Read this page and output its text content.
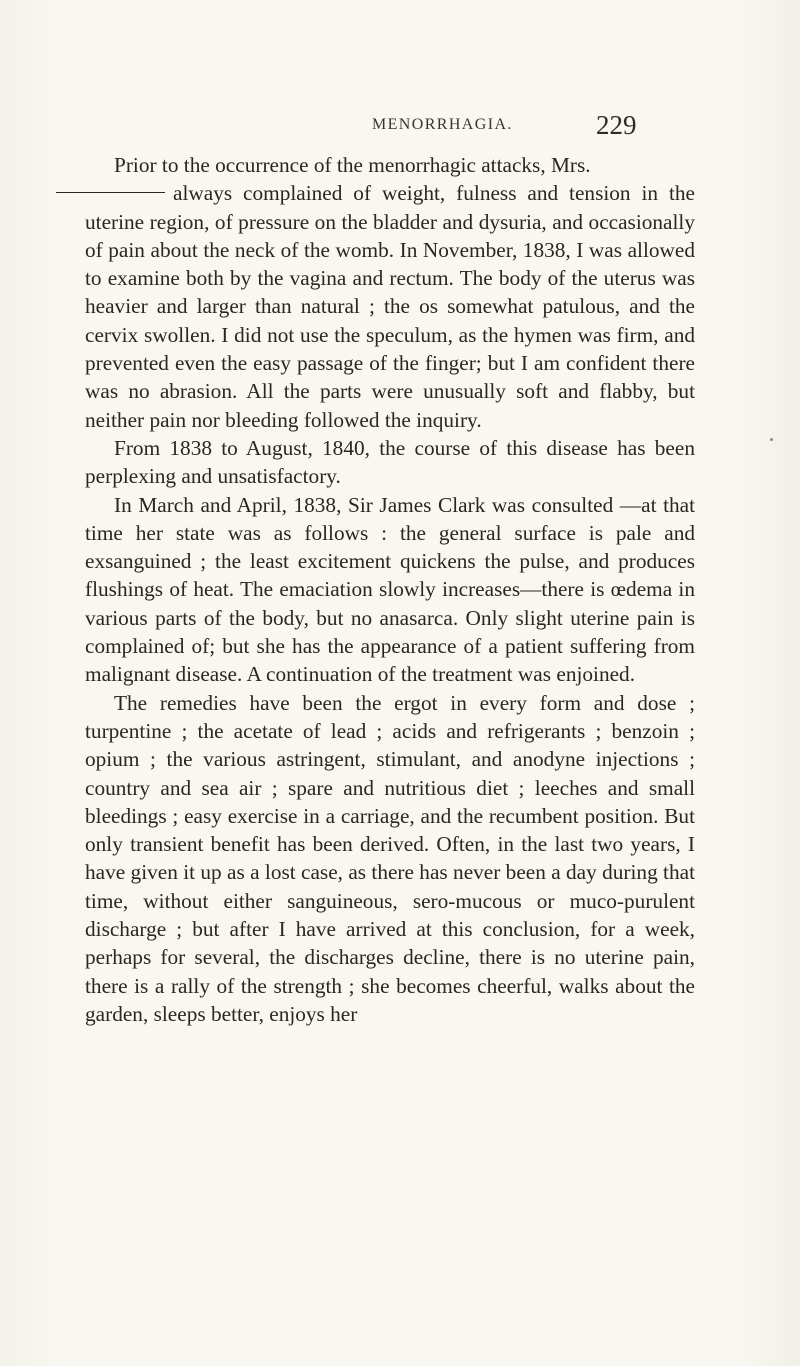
MENORRHAGIA.	229

Prior to the occurrence of the menorrhagic attacks, Mrs.
always complained of weight, fulness and tension in the uterine region, of pressure on the bladder and dysuria, and occasionally of pain about the neck of the womb. In November, 1838, I was allowed to examine both by the vagina and rectum. The body of the uterus was heavier and larger than natural ; the os somewhat patulous, and the cervix swollen. I did not use the speculum, as the hymen was firm, and prevented even the easy passage of the finger; but I am confident there was no abrasion. All the parts were unusually soft and flabby, but neither pain nor bleeding followed the inquiry.

From 1838 to August, 1840, the course of this disease has been perplexing and unsatisfactory.

In March and April, 1838, Sir James Clark was consulted —at that time her state was as follows : the general surface is pale and exsanguined ; the least excitement quickens the pulse, and produces flushings of heat. The emaciation slowly increases—there is œdema in various parts of the body, but no anasarca. Only slight uterine pain is complained of; but she has the appearance of a patient suffering from malignant disease. A continuation of the treatment was enjoined.

The remedies have been the ergot in every form and dose ; turpentine ; the acetate of lead ; acids and refrigerants ; benzoin ; opium ; the various astringent, stimulant, and anodyne injections ; country and sea air ; spare and nutritious diet ; leeches and small bleedings ; easy exercise in a carriage, and the recumbent position. But only transient benefit has been derived. Often, in the last two years, I have given it up as a lost case, as there has never been a day during that time, without either sanguineous, sero-mucous or muco-purulent discharge ; but after I have arrived at this conclusion, for a week, perhaps for several, the discharges decline, there is no uterine pain, there is a rally of the strength ; she becomes cheerful, walks about the garden, sleeps better, enjoys her
